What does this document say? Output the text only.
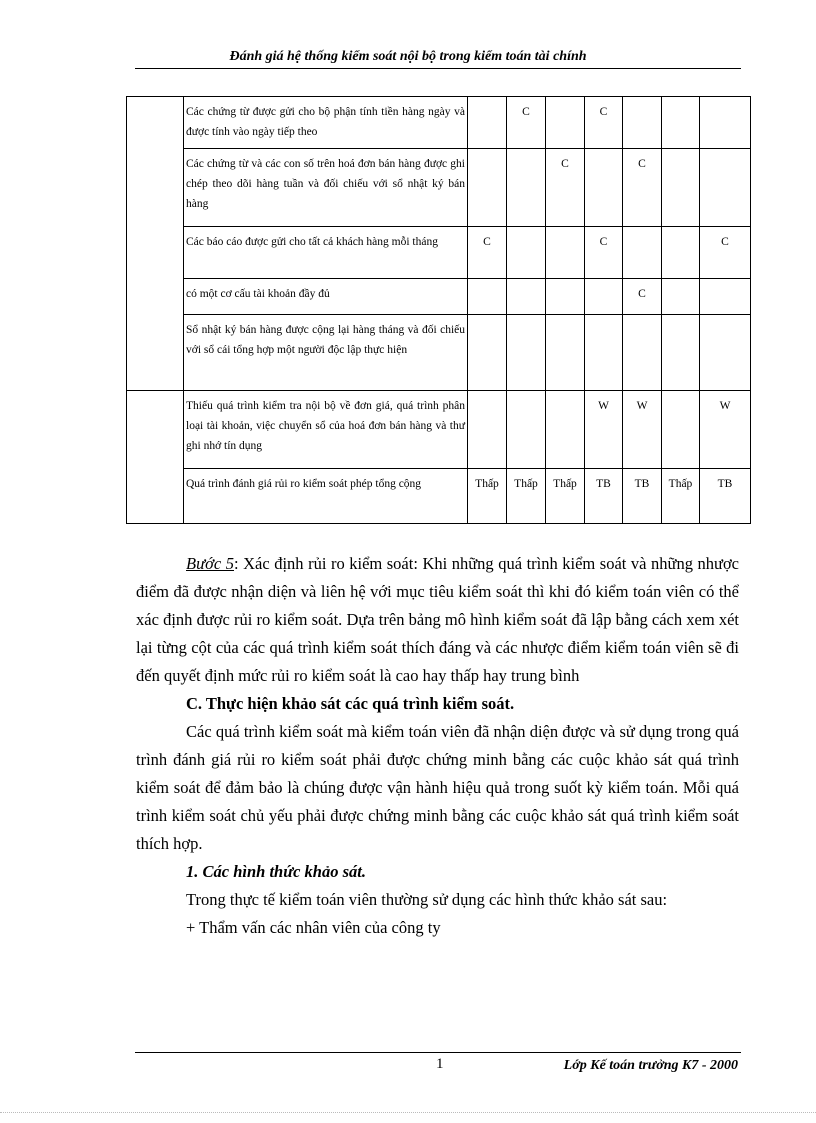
Đánh giá hệ thống kiểm soát nội bộ trong kiểm toán tài chính
	Các chứng từ được gửi cho bộ phận tính tiền hàng ngày và được tính vào ngày tiếp theo		C		C			
	Các chứng từ và các con số trên hoá đơn bán hàng được ghi chép theo dõi hàng tuần và đối chiếu với sổ nhật ký bán hàng			C		C		
	Các báo cáo được gửi cho tất cả khách hàng mỗi tháng	C			C			C
	có một cơ cấu tài khoản đầy đủ					C		
	Sổ nhật ký bán hàng được cộng lại hàng tháng và đối chiếu với sổ cái tổng hợp một người độc lập thực hiện							
	Thiếu quá trình kiểm tra nội bộ về đơn giá, quá trình phân loại tài khoản, việc chuyển sổ của hoá đơn bán hàng và thư ghi nhớ tín dụng				W	W		W
	Quá trình đánh giá rủi ro kiểm soát phép tổng cộng	Thấp	Thấp	Thấp	TB	TB	Thấp	TB

Bước 5: Xác định rủi ro kiểm soát: Khi những quá trình kiểm soát và những nhược điểm đã được nhận diện và liên hệ với mục tiêu kiểm soát thì khi đó kiểm toán viên có thể xác định được rủi ro kiểm soát. Dựa trên bảng mô hình kiểm soát đã lập bằng cách xem xét lại từng cột của các quá trình kiểm soát thích đáng và các nhược điểm kiểm toán viên sẽ đi đến quyết định mức rủi ro kiểm soát là cao hay thấp hay trung bình

C. Thực hiện khảo sát các quá trình kiểm soát.

Các quá trình kiểm soát mà kiểm toán viên đã nhận diện được và sử dụng trong quá trình đánh giá rủi ro kiểm soát phải được chứng minh bằng các cuộc khảo sát quá trình kiểm soát để đảm bảo là chúng được vận hành hiệu quả trong suốt kỳ kiểm toán. Mỗi quá trình kiểm soát chủ yếu phải được chứng minh bằng các cuộc khảo sát quá trình kiểm soát thích hợp.

1. Các hình thức khảo sát.

Trong thực tế kiểm toán viên thường sử dụng các hình thức khảo sát sau:

+ Thẩm vấn các nhân viên của công ty

1	Lớp Kế toán trưởng K7 - 2000
